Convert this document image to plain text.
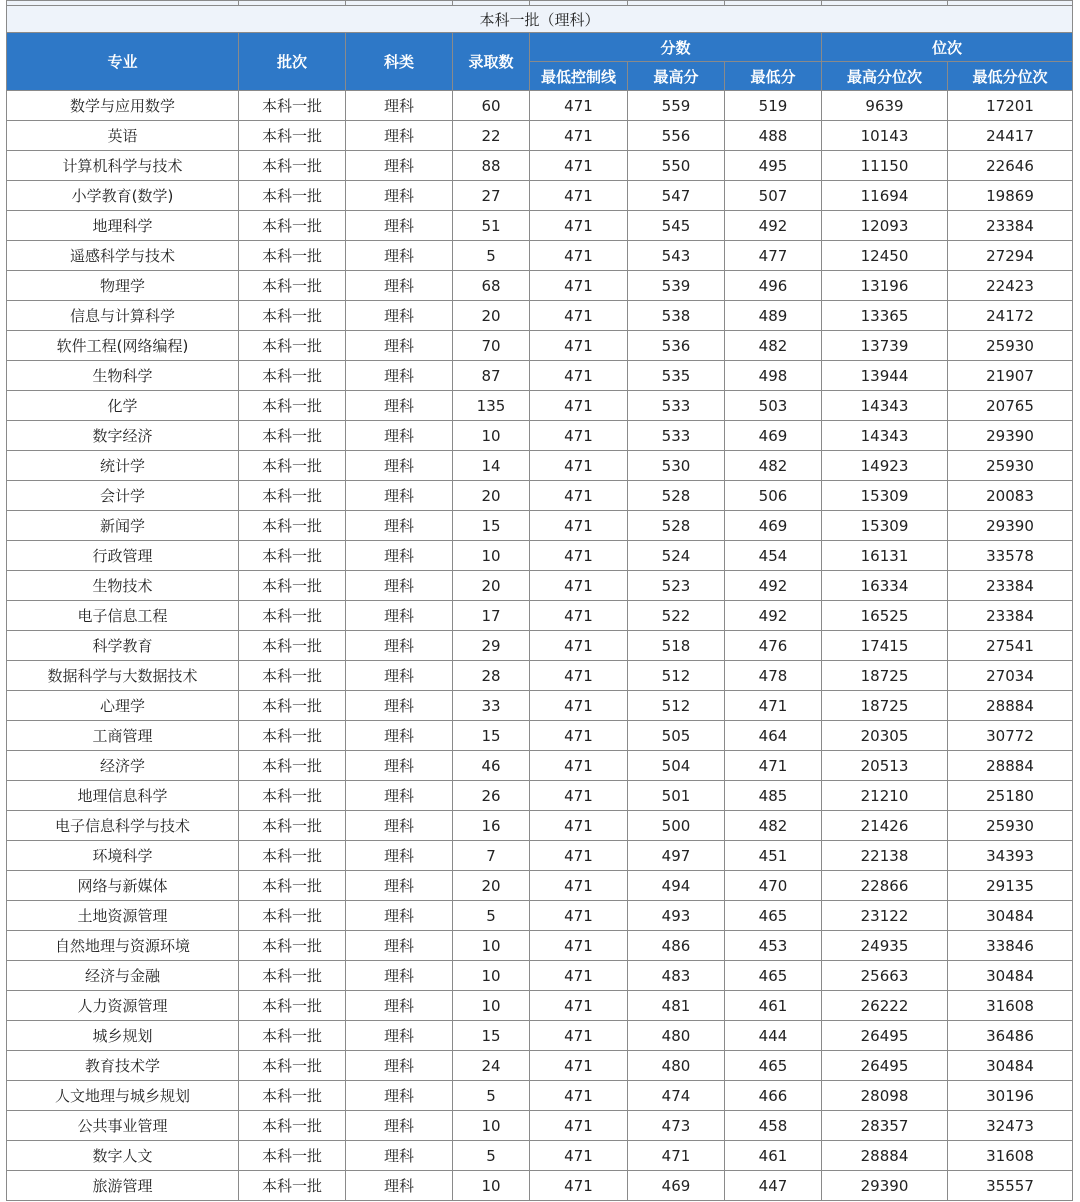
本科一批（理科）								
专业	批次	科类	录取数	分数			位次	
				最低控制线	最高分	最低分	最高分位次	最低分位次
数学与应用数学	本科一批	理科	60	471	559	519	9639	17201
英语	本科一批	理科	22	471	556	488	10143	24417
计算机科学与技术	本科一批	理科	88	471	550	495	11150	22646
小学教育(数学)	本科一批	理科	27	471	547	507	11694	19869
地理科学	本科一批	理科	51	471	545	492	12093	23384
遥感科学与技术	本科一批	理科	5	471	543	477	12450	27294
物理学	本科一批	理科	68	471	539	496	13196	22423
信息与计算科学	本科一批	理科	20	471	538	489	13365	24172
软件工程(网络编程)	本科一批	理科	70	471	536	482	13739	25930
生物科学	本科一批	理科	87	471	535	498	13944	21907
化学	本科一批	理科	135	471	533	503	14343	20765
数字经济	本科一批	理科	10	471	533	469	14343	29390
统计学	本科一批	理科	14	471	530	482	14923	25930
会计学	本科一批	理科	20	471	528	506	15309	20083
新闻学	本科一批	理科	15	471	528	469	15309	29390
行政管理	本科一批	理科	10	471	524	454	16131	33578
生物技术	本科一批	理科	20	471	523	492	16334	23384
电子信息工程	本科一批	理科	17	471	522	492	16525	23384
科学教育	本科一批	理科	29	471	518	476	17415	27541
数据科学与大数据技术	本科一批	理科	28	471	512	478	18725	27034
心理学	本科一批	理科	33	471	512	471	18725	28884
工商管理	本科一批	理科	15	471	505	464	20305	30772
经济学	本科一批	理科	46	471	504	471	20513	28884
地理信息科学	本科一批	理科	26	471	501	485	21210	25180
电子信息科学与技术	本科一批	理科	16	471	500	482	21426	25930
环境科学	本科一批	理科	7	471	497	451	22138	34393
网络与新媒体	本科一批	理科	20	471	494	470	22866	29135
土地资源管理	本科一批	理科	5	471	493	465	23122	30484
自然地理与资源环境	本科一批	理科	10	471	486	453	24935	33846
经济与金融	本科一批	理科	10	471	483	465	25663	30484
人力资源管理	本科一批	理科	10	471	481	461	26222	31608
城乡规划	本科一批	理科	15	471	480	444	26495	36486
教育技术学	本科一批	理科	24	471	480	465	26495	30484
人文地理与城乡规划	本科一批	理科	5	471	474	466	28098	30196
公共事业管理	本科一批	理科	10	471	473	458	28357	32473
数字人文	本科一批	理科	5	471	471	461	28884	31608
旅游管理	本科一批	理科	10	471	469	447	29390	35557
